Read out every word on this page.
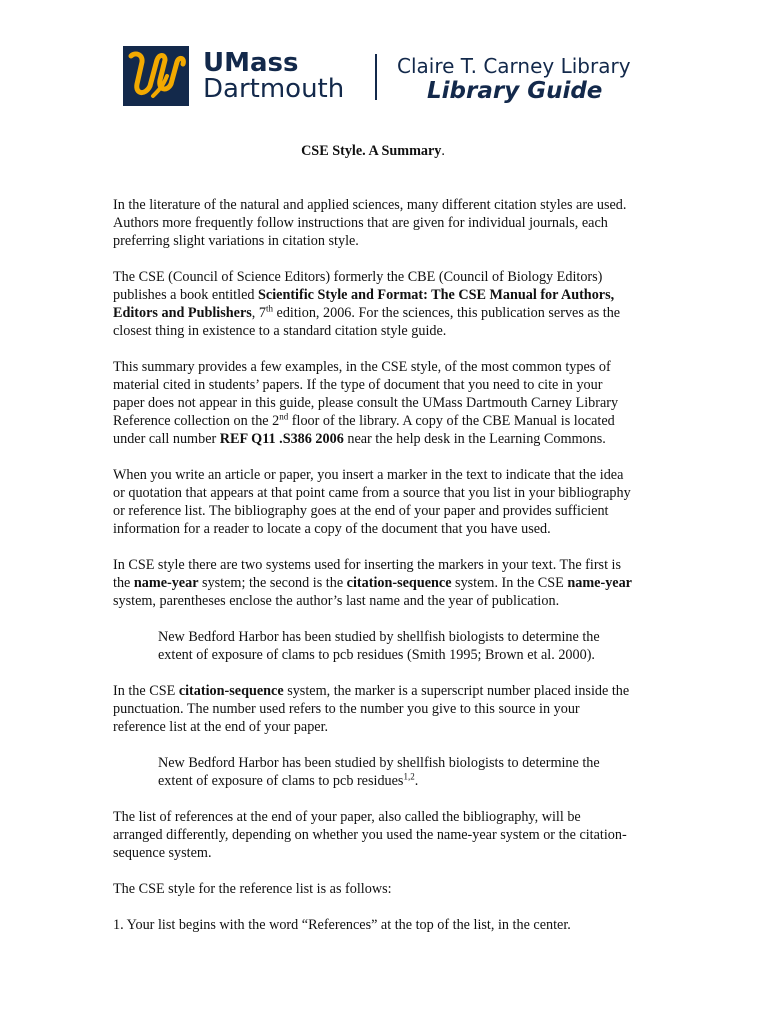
UMass
Dartmouth
Claire T. Carney Library
Library Guide

CSE Style. A Summary.

In the literature of the natural and applied sciences, many different citation styles are used. Authors more frequently follow instructions that are given for individual journals, each preferring slight variations in citation style.

The CSE (Council of Science Editors) formerly the CBE (Council of Biology Editors) publishes a book entitled Scientific Style and Format: The CSE Manual for Authors, Editors and Publishers, 7th edition, 2006. For the sciences, this publication serves as the closest thing in existence to a standard citation style guide.

This summary provides a few examples, in the CSE style, of the most common types of material cited in students’ papers. If the type of document that you need to cite in your paper does not appear in this guide, please consult the UMass Dartmouth Carney Library Reference collection on the 2nd floor of the library. A copy of the CBE Manual is located under call number REF Q11 .S386 2006 near the help desk in the Learning Commons.

When you write an article or paper, you insert a marker in the text to indicate that the idea or quotation that appears at that point came from a source that you list in your bibliography or reference list. The bibliography goes at the end of your paper and provides sufficient information for a reader to locate a copy of the document that you have used.

In CSE style there are two systems used for inserting the markers in your text. The first is the name-year system; the second is the citation-sequence system. In the CSE name-year system, parentheses enclose the author’s last name and the year of publication.

New Bedford Harbor has been studied by shellfish biologists to determine the extent of exposure of clams to pcb residues (Smith 1995; Brown et al. 2000).

In the CSE citation-sequence system, the marker is a superscript number placed inside the punctuation. The number used refers to the number you give to this source in your reference list at the end of your paper.

New Bedford Harbor has been studied by shellfish biologists to determine the extent of exposure of clams to pcb residues$^{1,2}$.

The list of references at the end of your paper, also called the bibliography, will be arranged differently, depending on whether you used the name-year system or the citation-sequence system.

The CSE style for the reference list is as follows:

1. Your list begins with the word “References” at the top of the list, in the center.
